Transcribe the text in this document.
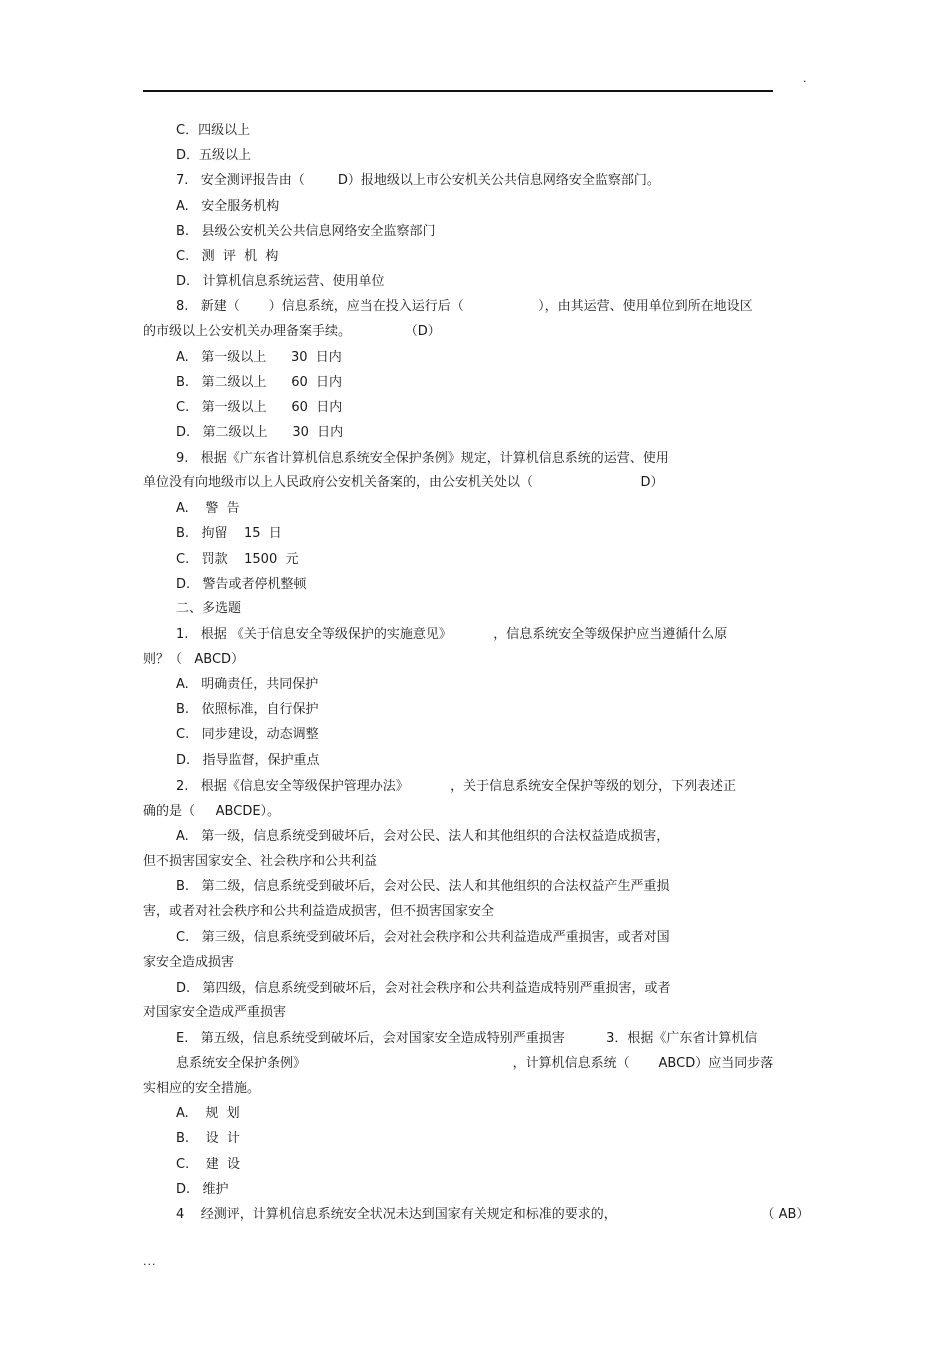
.
C．四级以上
D．五级以上
7.   安全测评报告由（        D）报地级以上市公安机关公共信息网络安全监察部门。
A.   安全服务机构
B.   县级公安机关公共信息网络安全监察部门
C.   测  评  机  构
D.   计算机信息系统运营、使用单位
8.   新建（       ）信息系统，应当在投入运行后（                  ），由其运营、使用单位到所在地设区
的市级以上公安机关办理备案手续。             （D）
A.   第一级以上      30  日内
B.   第二级以上      60  日内
C.   第一级以上      60  日内
D.   第二级以上      30  日内
9.   根据《广东省计算机信息系统安全保护条例》规定，计算机信息系统的运营、使用
单位没有向地级市以上人民政府公安机关备案的，由公安机关处以（                          D）
A.    警  告
B.   拘留    15  日
C.   罚款    1500  元
D.   警告或者停机整顿
二、多选题
1.   根据 《关于信息安全等级保护的实施意见》          ，信息系统安全等级保护应当遵循什么原
则？（   ABCD）
A.   明确责任，共同保护
B.   依照标准，自行保护
C.   同步建设，动态调整
D.   指导监督，保护重点
2.   根据《信息安全等级保护管理办法》          ，关于信息系统安全保护等级的划分，下列表述正
确的是（     ABCDE）。
A.   第一级，信息系统受到破坏后，会对公民、法人和其他组织的合法权益造成损害，
但不损害国家安全、社会秩序和公共利益
B.   第二级，信息系统受到破坏后，会对公民、法人和其他组织的合法权益产生严重损
害，或者对社会秩序和公共利益造成损害，但不损害国家安全
C.   第三级，信息系统受到破坏后，会对社会秩序和公共利益造成严重损害，或者对国
家安全造成损害
D.   第四级，信息系统受到破坏后，会对社会秩序和公共利益造成特别严重损害，或者
对国家安全造成严重损害
E.   第五级，信息系统受到破坏后，会对国家安全造成特别严重损害          3．根据《广东省计算机信
息系统安全保护条例》                                                  ，计算机信息系统（       ABCD）应当同步落
实相应的安全措施。
A.    规  划
B.    设  计
C.    建  设
D.   维护
4    经测评，计算机信息系统安全状况未达到国家有关规定和标准的要求的，                                   （ AB）
...
